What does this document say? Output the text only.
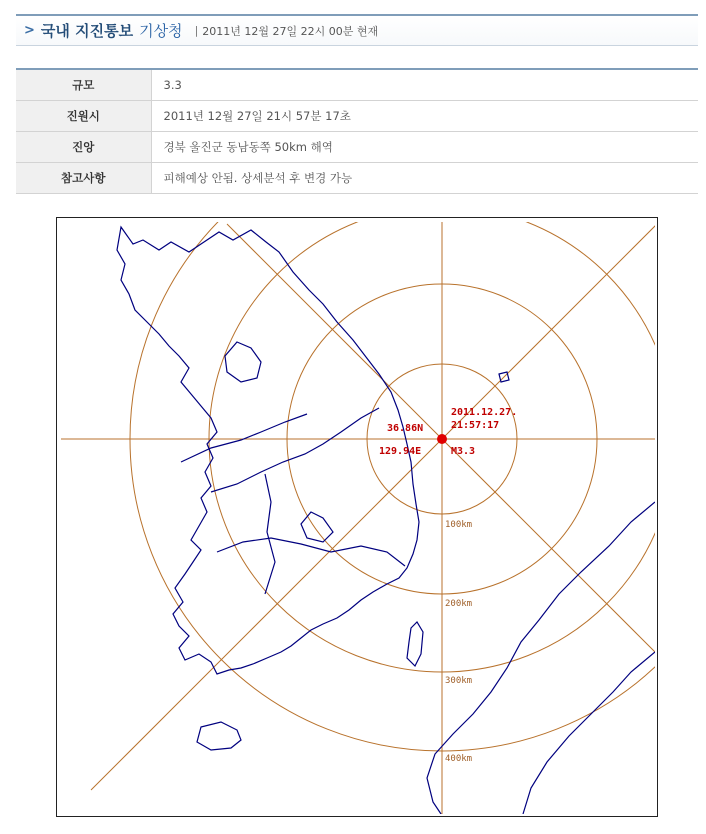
> 국내 지진통보 기상청 | 2011년 12월 27일 22시 00분 현재
규모	3.3
진원시	2011년 12월 27일 21시 57분 17초
진앙	경북 울진군 동남동쪽 50km 해역
참고사항	피해예상 안됨. 상세분석 후 변경 가능
100km
200km
300km
400km
36.86N
2011.12.27.
21:57:17
129.94E	M3.3
